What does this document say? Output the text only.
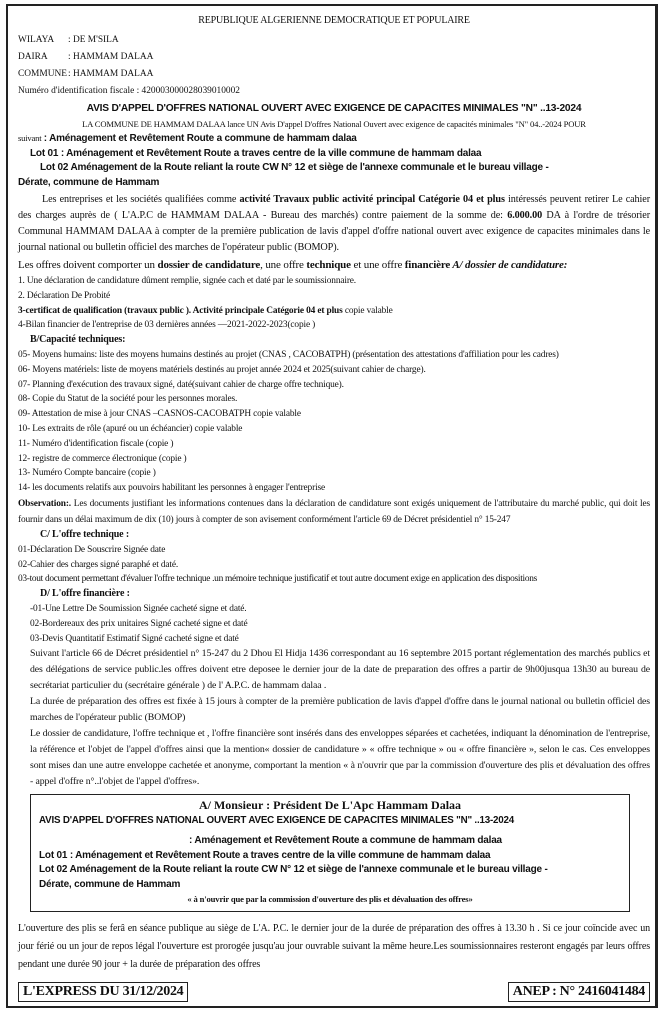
REPUBLIQUE ALGERIENNE DEMOCRATIQUE ET POPULAIRE
WILAYA : DE M'SILA
DAIRA : HAMMAM DALAA
COMMUNE: HAMMAM DALAA
Numéro d'identification fiscale : 420003000028039010002
AVIS D'APPEL D'OFFRES NATIONAL OUVERT AVEC EXIGENCE DE CAPACITES MINIMALES "N" ..13-2024
LA COMMUNE DE HAMMAM DALAA lance UN Avis D'appel D'offres National Ouvert avec exigence de capacités minimales "N" 04..-2024 POUR
suivant : Aménagement et Revêtement Route a commune de hammam dalaa
Lot 01 : Aménagement et Revêtement Route a traves centre de la ville commune de hammam dalaa
Lot 02 Aménagement de la Route reliant la route CW N° 12 et siège de l'annexe communale et le bureau village -
Dérate, commune de Hammam
Les entreprises et les sociétés qualifiées comme activité Travaux public activité principal Catégorie 04 et plus intéressés peuvent retirer Le cahier des charges auprès de ( L'A.P.C de HAMMAM DALAA - Bureau des marchés) contre paiement de la somme de: 6.000.00 DA à l'ordre de trésorier Communal HAMMAM DALAA à compter de la première publication de lavis d'appel d'offre national ouvert avec exigence de capacites minimales dans le journal national ou bulletin officiel des marches de l'opérateur public (BOMOP).
Les offres doivent comporter un dossier de candidature, une offre technique et une offre financière A/ dossier de candidature:
1. Une déclaration de candidature dûment remplie, signée cach et daté par le soumissionnaire.
2. Déclaration De Probité
3-certificat de qualification (travaux public ). Activité principale Catégorie 04 et plus copie valable
4-Bilan financier de l'entreprise de 03 dernières années —2021-2022-2023(copie )
B/Capacité techniques:
05- Moyens humains: liste des moyens humains destinés au projet (CNAS , CACOBATPH) (présentation des attestations d'affiliation pour les cadres)
06- Moyens matériels: liste de moyens matériels destinés au projet année 2024 et 2025(suivant cahier de charge).
07- Planning d'exécution des travaux signé, daté(suivant cahier de charge offre technique).
08- Copie du Statut de la société pour les personnes morales.
09- Attestation de mise à jour CNAS –CASNOS-CACOBATPH copie valable
10- Les extraits de rôle (apuré ou un échéancier) copie valable
11- Numéro d'identification fiscale (copie )
12- registre de commerce électronique (copie )
13- Numéro Compte bancaire (copie )
14- les documents relatifs aux pouvoirs habilitant les personnes à engager l'entreprise
Observation:. Les documents justifiant les informations contenues dans la déclaration de candidature sont exigés uniquement de l'attributaire du marché public, qui doit les fournir dans un délai maximum de dix (10) jours à compter de son avisement conformément l'article 69 de Décret présidentiel n° 15-247
C/ L'offre technique :
01-Déclaration De Souscrire Signée date
02-Cahier des charges signé paraphé et daté.
03-tout document permettant d'évaluer l'offre technique .un mémoire technique justificatif et tout autre document exige en application des dispositions
D/ L'offre financière :
-01-Une Lettre De Soumission Signée cacheté signe et daté.
02-Bordereaux des prix unitaires Signé cacheté signe et daté
03-Devis Quantitatif Estimatif Signé cacheté signe et daté
Suivant l'article 66 de Décret présidentiel n° 15-247 du 2 Dhou El Hidja 1436 correspondant au 16 septembre 2015 portant réglementation des marchés publics et des délégations de service public.les offres doivent etre deposee le dernier jour de la date de preparation des offres a partir de 9h00jusqua 13h30 au bureau de secrétariat particulier du (secrétaire générale ) de l' A.P.C. de hammam dalaa .
La durée de préparation des offres est fixée à 15 jours à compter de la première publication de lavis d'appel d'offre dans le journal national ou bulletin officiel des marches de l'opérateur public (BOMOP)
Le dossier de candidature, l'offre technique et , l'offre financière sont insérés dans des enveloppes séparées et cachetées, indiquant la dénomination de l'entreprise, la référence et l'objet de l'appel d'offres ainsi que la mention« dossier de candidature » « offre technique » ou « offre financière », selon le cas. Ces enveloppes sont mises dan une autre enveloppe cachetée et anonyme, comportant la mention « à n'ouvrir que par la commission d'ouverture des plis et dévaluation des offres - appel d'offre n°..l'objet de l'appel d'offres».
A/ Monsieur : Président De L'Apc Hammam Dalaa
AVIS D'APPEL D'OFFRES NATIONAL OUVERT AVEC EXIGENCE DE CAPACITES MINIMALES "N" ..13-2024
: Aménagement et Revêtement Route a commune de hammam dalaa
Lot 01 : Aménagement et Revêtement Route a traves centre de la ville commune de hammam dalaa
Lot 02 Aménagement de la Route reliant la route CW N° 12 et siège de l'annexe communale et le bureau village -
Dérate, commune de Hammam
« à n'ouvrir que par la commission d'ouverture des plis et dévaluation des offres»
L'ouverture des plis se ferâ en séance publique au siège de L'A. P.C. le dernier jour de la durée de préparation des offres à 13.30 h . Si ce jour coïncide avec un jour férié ou un jour de repos légal l'ouverture est prorogée jusqu'au jour ouvrable suivant la même heure.Les soumissionnaires resteront engagés par leurs offres pendant une durée 90 jour + la durée de préparation des offres
L'EXPRESS DU 31/12/2024	ANEP : N° 2416041484
